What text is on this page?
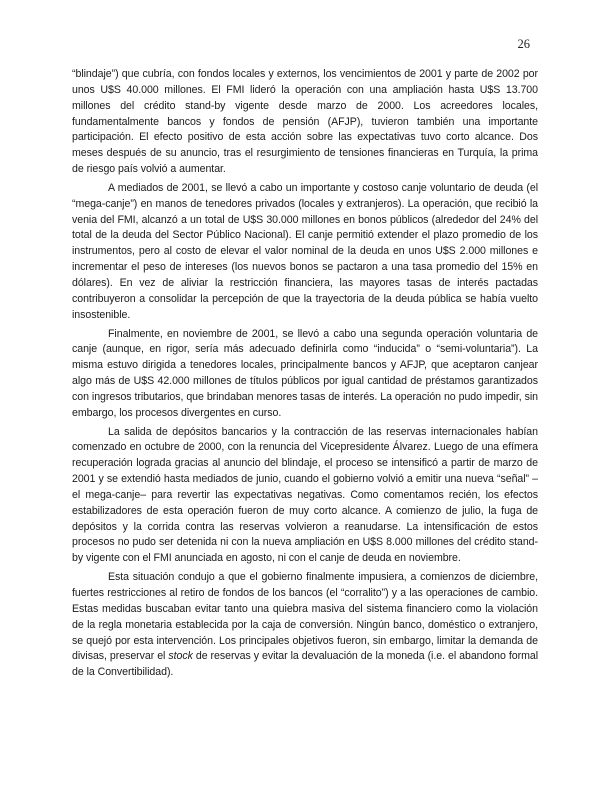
26

“blindaje”) que cubría, con fondos locales y externos, los vencimientos de 2001 y parte de 2002 por unos U$S 40.000 millones. El FMI lideró la operación con una ampliación hasta U$S 13.700 millones del crédito stand-by vigente desde marzo de 2000. Los acreedores locales, fundamentalmente bancos y fondos de pensión (AFJP), tuvieron también una importante participación. El efecto positivo de esta acción sobre las expectativas tuvo corto alcance. Dos meses después de su anuncio, tras el resurgimiento de tensiones financieras en Turquía, la prima de riesgo país volvió a aumentar.

A mediados de 2001, se llevó a cabo un importante y costoso canje voluntario de deuda (el “mega-canje”) en manos de tenedores privados (locales y extranjeros). La operación, que recibió la venia del FMI, alcanzó a un total de U$S 30.000 millones en bonos públicos (alrededor del 24% del total de la deuda del Sector Público Nacional). El canje permitió extender el plazo promedio de los instrumentos, pero al costo de elevar el valor nominal de la deuda en unos U$S 2.000 millones e incrementar el peso de intereses (los nuevos bonos se pactaron a una tasa promedio del 15% en dólares). En vez de aliviar la restricción financiera, las mayores tasas de interés pactadas contribuyeron a consolidar la percepción de que la trayectoria de la deuda pública se había vuelto insostenible.

Finalmente, en noviembre de 2001, se llevó a cabo una segunda operación voluntaria de canje (aunque, en rigor, sería más adecuado definirla como “inducida” o “semi-voluntaria”). La misma estuvo dirigida a tenedores locales, principalmente bancos y AFJP, que aceptaron canjear algo más de U$S 42.000 millones de títulos públicos por igual cantidad de préstamos garantizados con ingresos tributarios, que brindaban menores tasas de interés. La operación no pudo impedir, sin embargo, los procesos divergentes en curso.

La salida de depósitos bancarios y la contracción de las reservas internacionales habían comenzado en octubre de 2000, con la renuncia del Vicepresidente Álvarez. Luego de una efímera recuperación lograda gracias al anuncio del blindaje, el proceso se intensificó a partir de marzo de 2001 y se extendió hasta mediados de junio, cuando el gobierno volvió a emitir una nueva “señal” –el mega-canje– para revertir las expectativas negativas. Como comentamos recién, los efectos estabilizadores de esta operación fueron de muy corto alcance. A comienzo de julio, la fuga de depósitos y la corrida contra las reservas volvieron a reanudarse. La intensificación de estos procesos no pudo ser detenida ni con la nueva ampliación en U$S 8.000 millones del crédito stand-by vigente con el FMI anunciada en agosto, ni con el canje de deuda en noviembre.

Esta situación condujo a que el gobierno finalmente impusiera, a comienzos de diciembre, fuertes restricciones al retiro de fondos de los bancos (el “corralito”) y a las operaciones de cambio. Estas medidas buscaban evitar tanto una quiebra masiva del sistema financiero como la violación de la regla monetaria establecida por la caja de conversión. Ningún banco, doméstico o extranjero, se quejó por esta intervención. Los principales objetivos fueron, sin embargo, limitar la demanda de divisas, preservar el stock de reservas y evitar la devaluación de la moneda (i.e. el abandono formal de la Convertibilidad).
